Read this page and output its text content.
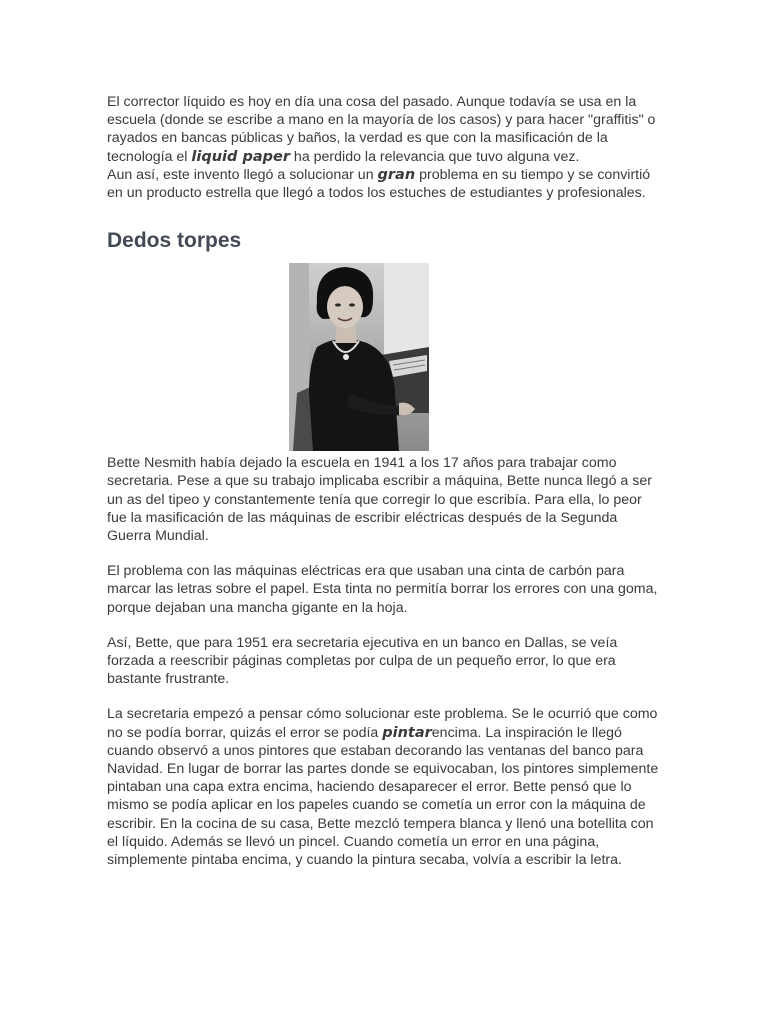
El corrector líquido es hoy en día una cosa del pasado. Aunque todavía se usa en la escuela (donde se escribe a mano en la mayoría de los casos) y para hacer "graffitis" o rayados en bancas públicas y baños, la verdad es que con la masificación de la tecnología el liquid paper ha perdido la relevancia que tuvo alguna vez.

Aun así, este invento llegó a solucionar un gran problema en su tiempo y se convirtió en un producto estrella que llegó a todos los estuches de estudiantes y profesionales.

Dedos torpes

Bette Nesmith había dejado la escuela en 1941 a los 17 años para trabajar como secretaria. Pese a que su trabajo implicaba escribir a máquina, Bette nunca llegó a ser un as del tipeo y constantemente tenía que corregir lo que escribía. Para ella, lo peor fue la masificación de las máquinas de escribir eléctricas después de la Segunda Guerra Mundial.

El problema con las máquinas eléctricas era que usaban una cinta de carbón para marcar las letras sobre el papel. Esta tinta no permitía borrar los errores con una goma, porque dejaban una mancha gigante en la hoja.

Así, Bette, que para 1951 era secretaria ejecutiva en un banco en Dallas, se veía forzada a reescribir páginas completas por culpa de un pequeño error, lo que era bastante frustrante.

La secretaria empezó a pensar cómo solucionar este problema. Se le ocurrió que como no se podía borrar, quizás el error se podía pintarencima. La inspiración le llegó cuando observó a unos pintores que estaban decorando las ventanas del banco para Navidad. En lugar de borrar las partes donde se equivocaban, los pintores simplemente pintaban una capa extra encima, haciendo desaparecer el error. Bette pensó que lo mismo se podía aplicar en los papeles cuando se cometía un error con la máquina de escribir. En la cocina de su casa, Bette mezcló tempera blanca y llenó una botellita con el líquido. Además se llevó un pincel. Cuando cometía un error en una página, simplemente pintaba encima, y cuando la pintura secaba, volvía a escribir la letra.
